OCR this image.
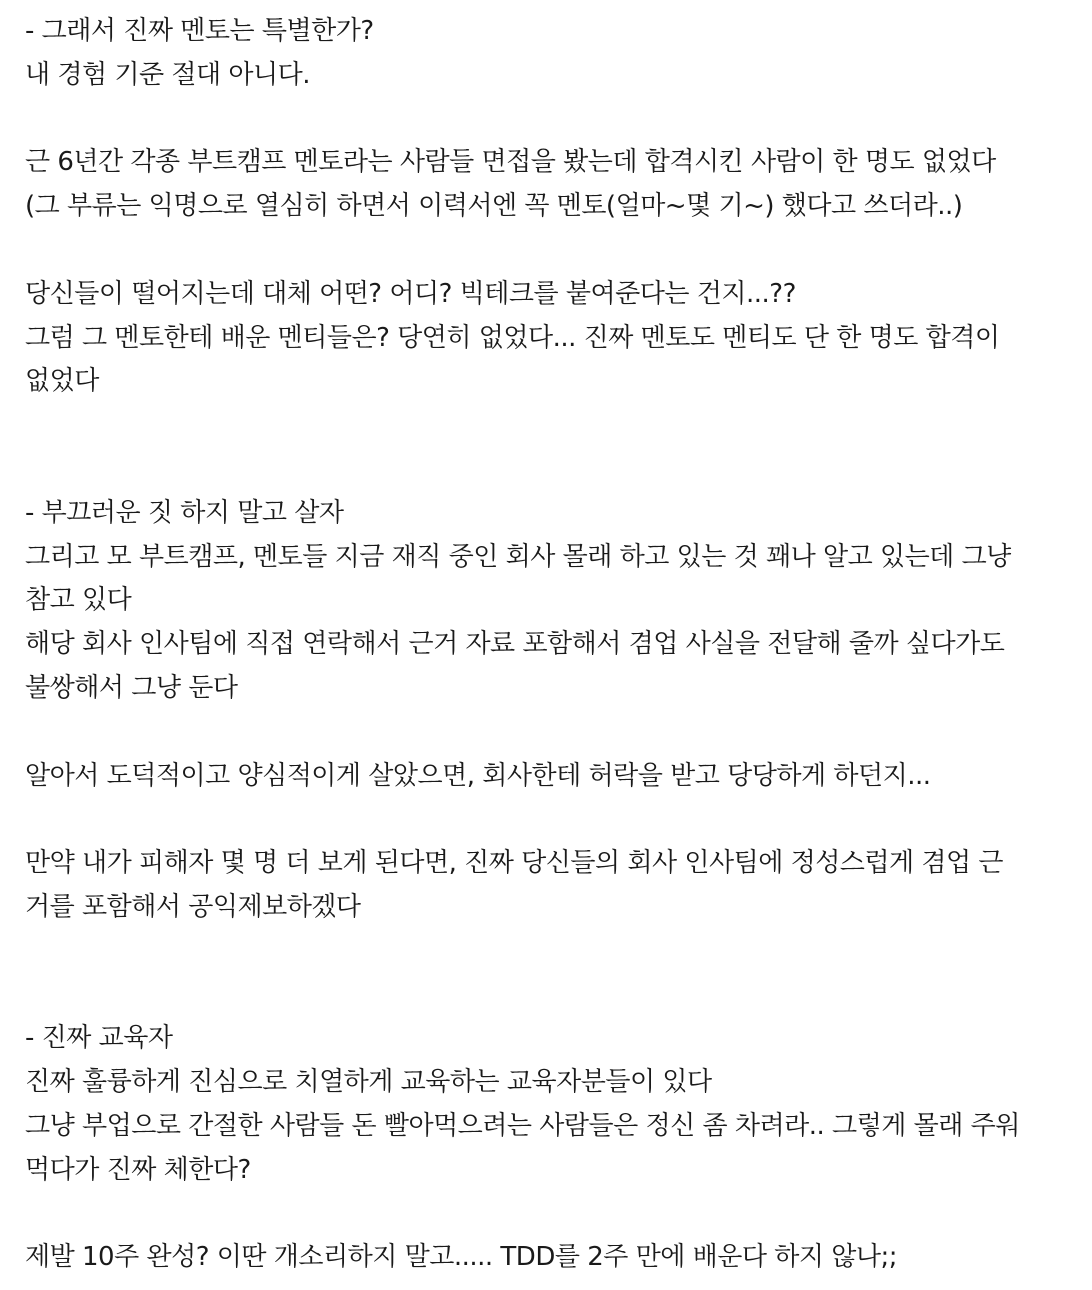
- 그래서 진짜 멘토는 특별한가?
내 경험 기준 절대 아니다.
근 6년간 각종 부트캠프 멘토라는 사람들 면접을 봤는데 합격시킨 사람이 한 명도 없었다
(그 부류는 익명으로 열심히 하면서 이력서엔 꼭 멘토(얼마~몇 기~) 했다고 쓰더라..)
당신들이 떨어지는데 대체 어떤? 어디? 빅테크를 붙여준다는 건지...??
그럼 그 멘토한테 배운 멘티들은? 당연히 없었다... 진짜 멘토도 멘티도 단 한 명도 합격이
없었다
- 부끄러운 짓 하지 말고 살자
그리고 모 부트캠프, 멘토들 지금 재직 중인 회사 몰래 하고 있는 것 꽤나 알고 있는데 그냥
참고 있다
해당 회사 인사팀에 직접 연락해서 근거 자료 포함해서 겸업 사실을 전달해 줄까 싶다가도
불쌍해서 그냥 둔다
알아서 도덕적이고 양심적이게 살았으면, 회사한테 허락을 받고 당당하게 하던지...
만약 내가 피해자 몇 명 더 보게 된다면, 진짜 당신들의 회사 인사팀에 정성스럽게 겸업 근
거를 포함해서 공익제보하겠다
- 진짜 교육자
진짜 훌륭하게 진심으로 치열하게 교육하는 교육자분들이 있다
그냥 부업으로 간절한 사람들 돈 빨아먹으려는 사람들은 정신 좀 차려라.. 그렇게 몰래 주워
먹다가 진짜 체한다?
제발 10주 완성? 이딴 개소리하지 말고..... TDD를 2주 만에 배운다 하지 않나;;
